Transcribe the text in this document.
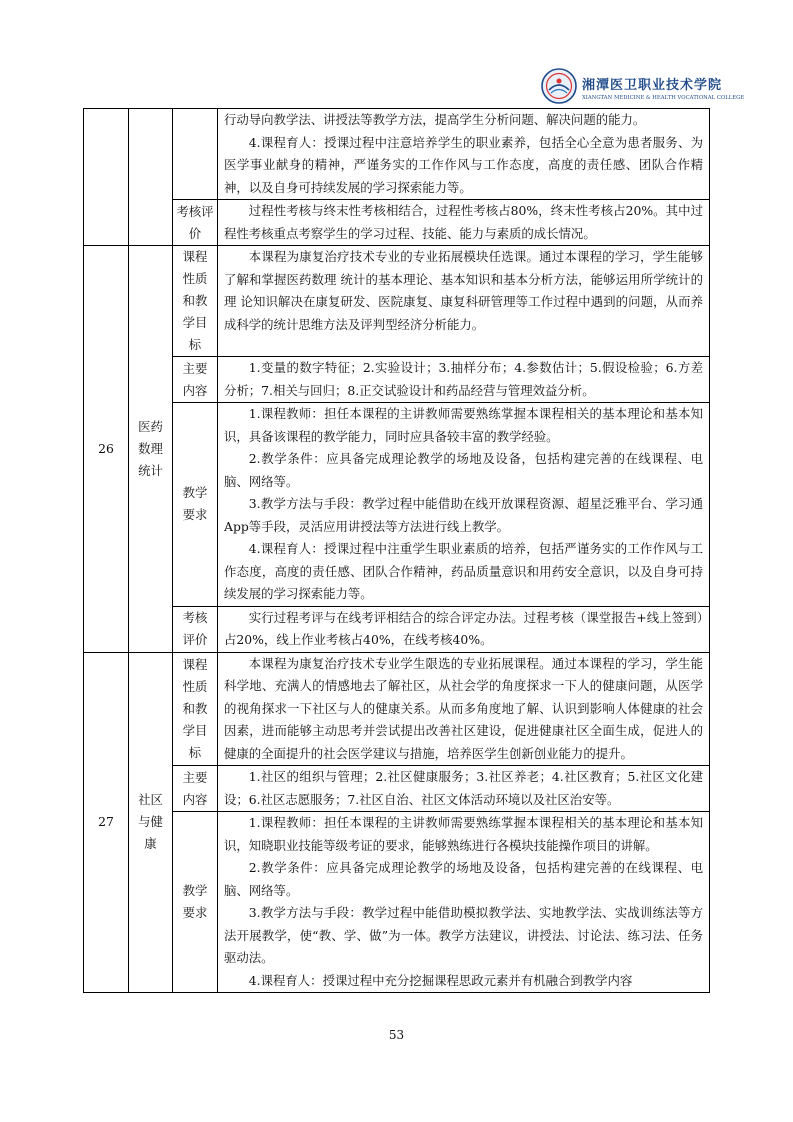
湘潭医卫职业技术学院
XIANGTAN MEDICINE & HEALTH VOCATIONAL COLLEGE

			行动导向教学法、讲授法等教学方法，提高学生分析问题、解决问题的能力。
4.课程育人：授课过程中注意培养学生的职业素养，包括全心全意为患者服务、为医学事业献身的精神，严谨务实的工作作风与工作态度，高度的责任感、团队合作精神，以及自身可持续发展的学习探索能力等。

		考核评价	过程性考核与终末性考核相结合，过程性考核占80%，终末性考核占20%。其中过程性考核重点考察学生的学习过程、技能、能力与素质的成长情况。

26	医药数理统计	课程性质和教学目标	本课程为康复治疗技术专业的专业拓展模块任选课。通过本课程的学习，学生能够了解和掌握医药数理 统计的基本理论、基本知识和基本分析方法，能够运用所学统计的理 论知识解决在康复研发、医院康复、康复科研管理等工作过程中遇到的问题，从而养成科学的统计思维方法及评判型经济分析能力。

		主要内容	1.变量的数字特征；2.实验设计；3.抽样分布；4.参数估计；5.假设检验；6.方差分析；7.相关与回归；8.正交试验设计和药品经营与管理效益分析。

		教学要求	1.课程教师：担任本课程的主讲教师需要熟练掌握本课程相关的基本理论和基本知识，具备该课程的教学能力，同时应具备较丰富的教学经验。
2.教学条件：应具备完成理论教学的场地及设备，包括构建完善的在线课程、电脑、网络等。
3.教学方法与手段：教学过程中能借助在线开放课程资源、超星泛雅平台、学习通App等手段，灵活应用讲授法等方法进行线上教学。
4.课程育人：授课过程中注重学生职业素质的培养，包括严谨务实的工作作风与工作态度，高度的责任感、团队合作精神，药品质量意识和用药安全意识，以及自身可持续发展的学习探索能力等。

		考核评价	实行过程考评与在线考评相结合的综合评定办法。过程考核（课堂报告+线上签到）占20%，线上作业考核占40%，在线考核40%。

27	社区与健康	课程性质和教学目标	本课程为康复治疗技术专业学生限选的专业拓展课程。通过本课程的学习，学生能科学地、充满人的情感地去了解社区，从社会学的角度探求一下人的健康问题，从医学的视角探求一下社区与人的健康关系。从而多角度地了解、认识到影响人体健康的社会因素，进而能够主动思考并尝试提出改善社区建设，促进健康社区全面生成，促进人的健康的全面提升的社会医学建议与措施，培养医学生创新创业能力的提升。

		主要内容	1.社区的组织与管理；2.社区健康服务；3.社区养老；4.社区教育；5.社区文化建设；6.社区志愿服务；7.社区自治、社区文体活动环境以及社区治安等。

		教学要求	1.课程教师：担任本课程的主讲教师需要熟练掌握本课程相关的基本理论和基本知识，知晓职业技能等级考证的要求，能够熟练进行各模块技能操作项目的讲解。
2.教学条件：应具备完成理论教学的场地及设备，包括构建完善的在线课程、电脑、网络等。
3.教学方法与手段：教学过程中能借助模拟教学法、实地教学法、实战训练法等方法开展教学，使“教、学、做”为一体。教学方法建议，讲授法、讨论法、练习法、任务驱动法。
4.课程育人：授课过程中充分挖掘课程思政元素并有机融合到教学内容
53
